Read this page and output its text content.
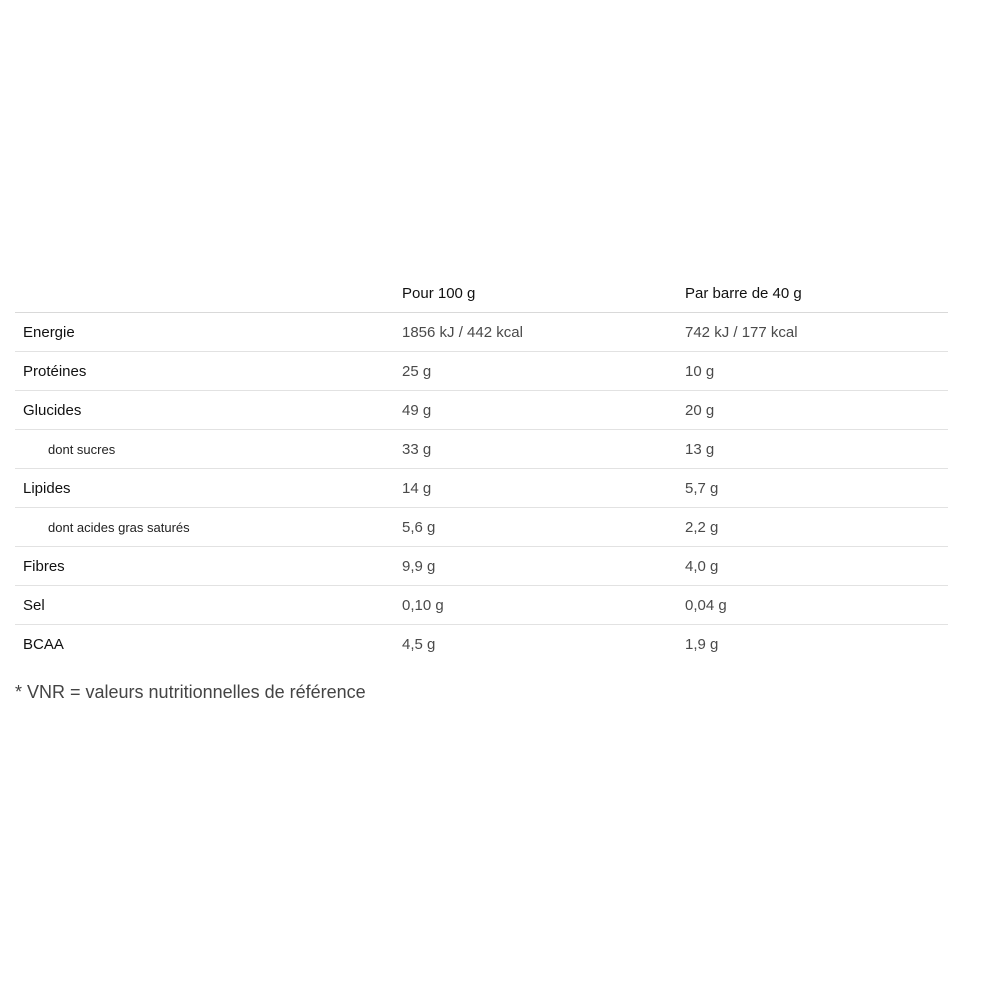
	Pour 100 g	Par barre de 40 g
Energie	1856 kJ / 442 kcal	742 kJ / 177 kcal
Protéines	25 g	10 g
Glucides	49 g	20 g
dont sucres	33 g	13 g
Lipides	14 g	5,7 g
dont acides gras saturés	5,6 g	2,2 g
Fibres	9,9 g	4,0 g
Sel	0,10 g	0,04 g
BCAA	4,5 g	1,9 g

* VNR = valeurs nutritionnelles de référence
